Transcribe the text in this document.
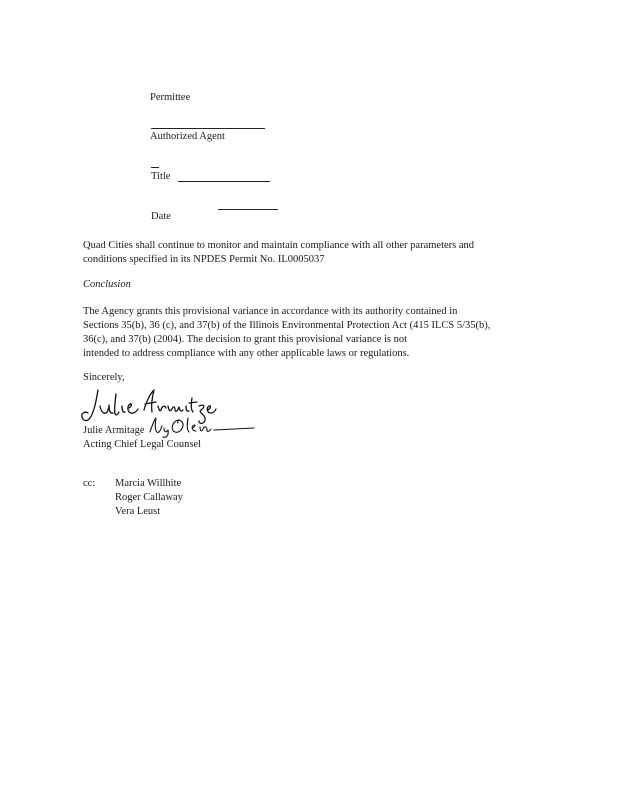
Permittee
Authorized Agent
Title
Date
Quad Cities shall continue to monitor and maintain compliance with all other parameters and
conditions specified in its NPDES Permit No. IL0005037
Conclusion
The Agency grants this provisional variance in accordance with its authority contained in
Sections 35(b), 36 (c), and 37(b) of the Illinois Environmental Protection Act (415 ILCS 5/35(b),
36(c), and 37(b) (2004). The decision to grant this provisional variance is not
intended to address compliance with any other applicable laws or regulations.
Sincerely,
Julie Armitage
Acting Chief Legal Counsel
cc: Marcia Willhite
Roger Callaway
Vera Leust
